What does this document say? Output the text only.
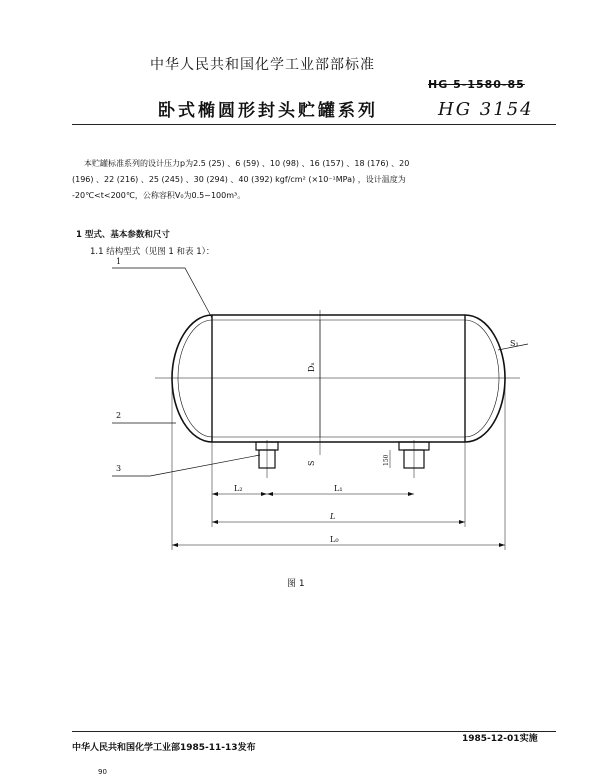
中华人民共和国化学工业部部标准
HG 5-1580-85
卧式椭圆形封头贮罐系列	HG 3154
本贮罐标准系列的设计压力p为2.5 (25) 、6 (59) 、10 (98) 、16 (157) 、18 (176) 、20
(196) 、22 (216) 、25 (245) 、30 (294) 、40 (392) kgf/cm² (×10⁻¹MPa) ，设计温度为
-20℃<t<200℃，公称容积V₀为0.5~100m³。
1 型式、基本参数和尺寸
1.1 结构型式（见图 1 和表 1）：
1
2
3
S₁
Dₙ
S	150
L₂	L₁
L
L₀
图 1
中华人民共和国化学工业部1985-11-13发布
1985-12-01实施
90
